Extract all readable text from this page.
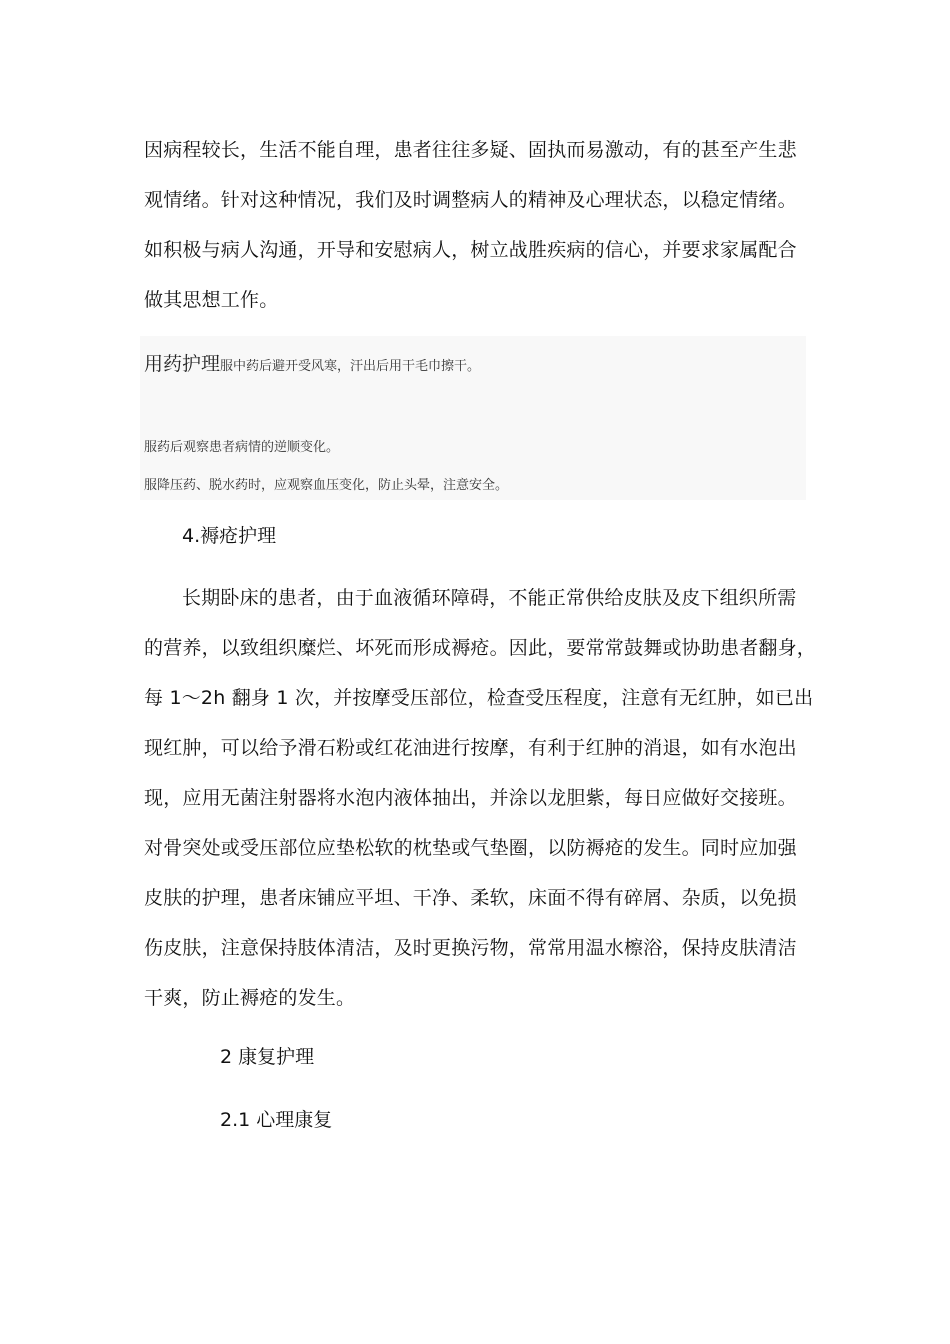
因病程较长，生活不能自理，患者往往多疑、固执而易激动，有的甚至产生悲
观情绪。针对这种情况，我们及时调整病人的精神及心理状态，以稳定情绪。
如积极与病人沟通，开导和安慰病人，树立战胜疾病的信心，并要求家属配合
做其思想工作。
用药护理服中药后避开受风寒，汗出后用干毛巾擦干。
服药后观察患者病情的逆顺变化。
服降压药、脱水药时，应观察血压变化，防止头晕，注意安全。
4.褥疮护理
长期卧床的患者，由于血液循环障碍，不能正常供给皮肤及皮下组织所需
的营养，以致组织糜烂、坏死而形成褥疮。因此，要常常鼓舞或协助患者翻身，
每 1～2h 翻身 1 次，并按摩受压部位，检查受压程度，注意有无红肿，如已出
现红肿，可以给予滑石粉或红花油进行按摩，有利于红肿的消退，如有水泡出
现，应用无菌注射器将水泡内液体抽出，并涂以龙胆紫，每日应做好交接班。
对骨突处或受压部位应垫松软的枕垫或气垫圈，以防褥疮的发生。同时应加强
皮肤的护理，患者床铺应平坦、干净、柔软，床面不得有碎屑、杂质，以免损
伤皮肤，注意保持肢体清洁，及时更换污物，常常用温水檫浴，保持皮肤清洁
干爽，防止褥疮的发生。
2 康复护理
2.1 心理康复
